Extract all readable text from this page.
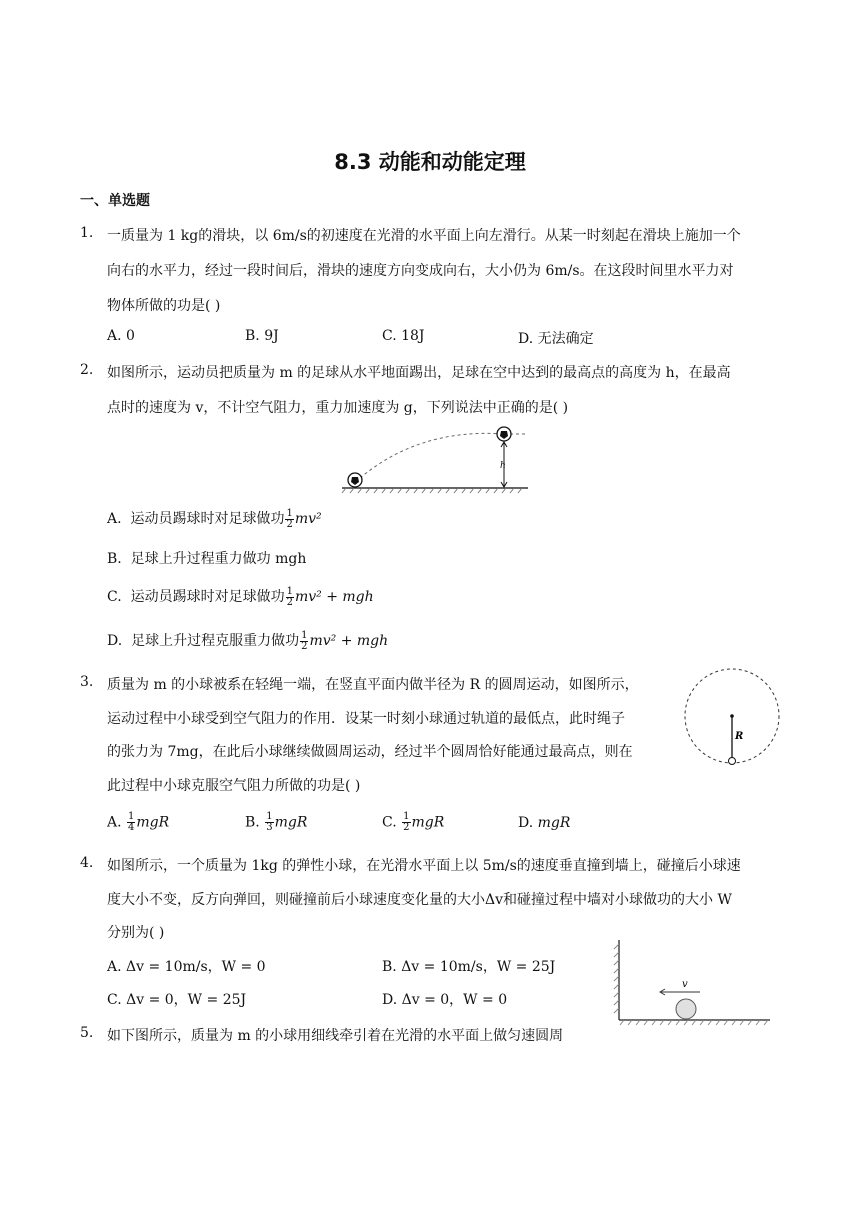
8.3 动能和动能定理
一、单选题
1. 一质量为 1 kg的滑块，以 6m/s的初速度在光滑的水平面上向左滑行。从某一时刻起在滑块上施加一个
向右的水平力，经过一段时间后，滑块的速度方向变成向右，大小仍为 6m/s。在这段时间里水平力对
物体所做的功是( )
A. 0	B. 9J	C. 18J	D. 无法确定
2. 如图所示，运动员把质量为 m 的足球从水平地面踢出，足球在空中达到的最高点的高度为 h，在最高
点时的速度为 v，不计空气阻力，重力加速度为 g，下列说法中正确的是( )
h
A. 运动员踢球时对足球做功 $\frac{1}{2} mv^2$
B. 足球上升过程重力做功 mgh
C. 运动员踢球时对足球做功 $\frac{1}{2} mv^2$ + mgh
D. 足球上升过程克服重力做功 $\frac{1}{2} mv^2$ + mgh
3. 质量为 m 的小球被系在轻绳一端，在竖直平面内做半径为 R 的圆周运动，如图所示，
运动过程中小球受到空气阻力的作用．设某一时刻小球通过轨道的最低点，此时绳子
的张力为 7mg，在此后小球继续做圆周运动，经过半个圆周恰好能通过最高点，则在
此过程中小球克服空气阻力所做的功是( )
R
A. $\frac{1}{4}$ mgR	B. $\frac{1}{3}$ mgR	C. $\frac{1}{2}$ mgR	D. mgR
4. 如图所示，一个质量为 1kg 的弹性小球，在光滑水平面上以 5m/s的速度垂直撞到墙上，碰撞后小球速
度大小不变，反方向弹回，则碰撞前后小球速度变化量的大小Δv和碰撞过程中墙对小球做功的大小 W
分别为( )
A. Δv = 10m/s，W = 0	B. Δv = 10m/s，W = 25J
C. Δv = 0，W = 25J	D. Δv = 0，W = 0
v
5. 如下图所示，质量为 m 的小球用细线牵引着在光滑的水平面上做匀速圆周
